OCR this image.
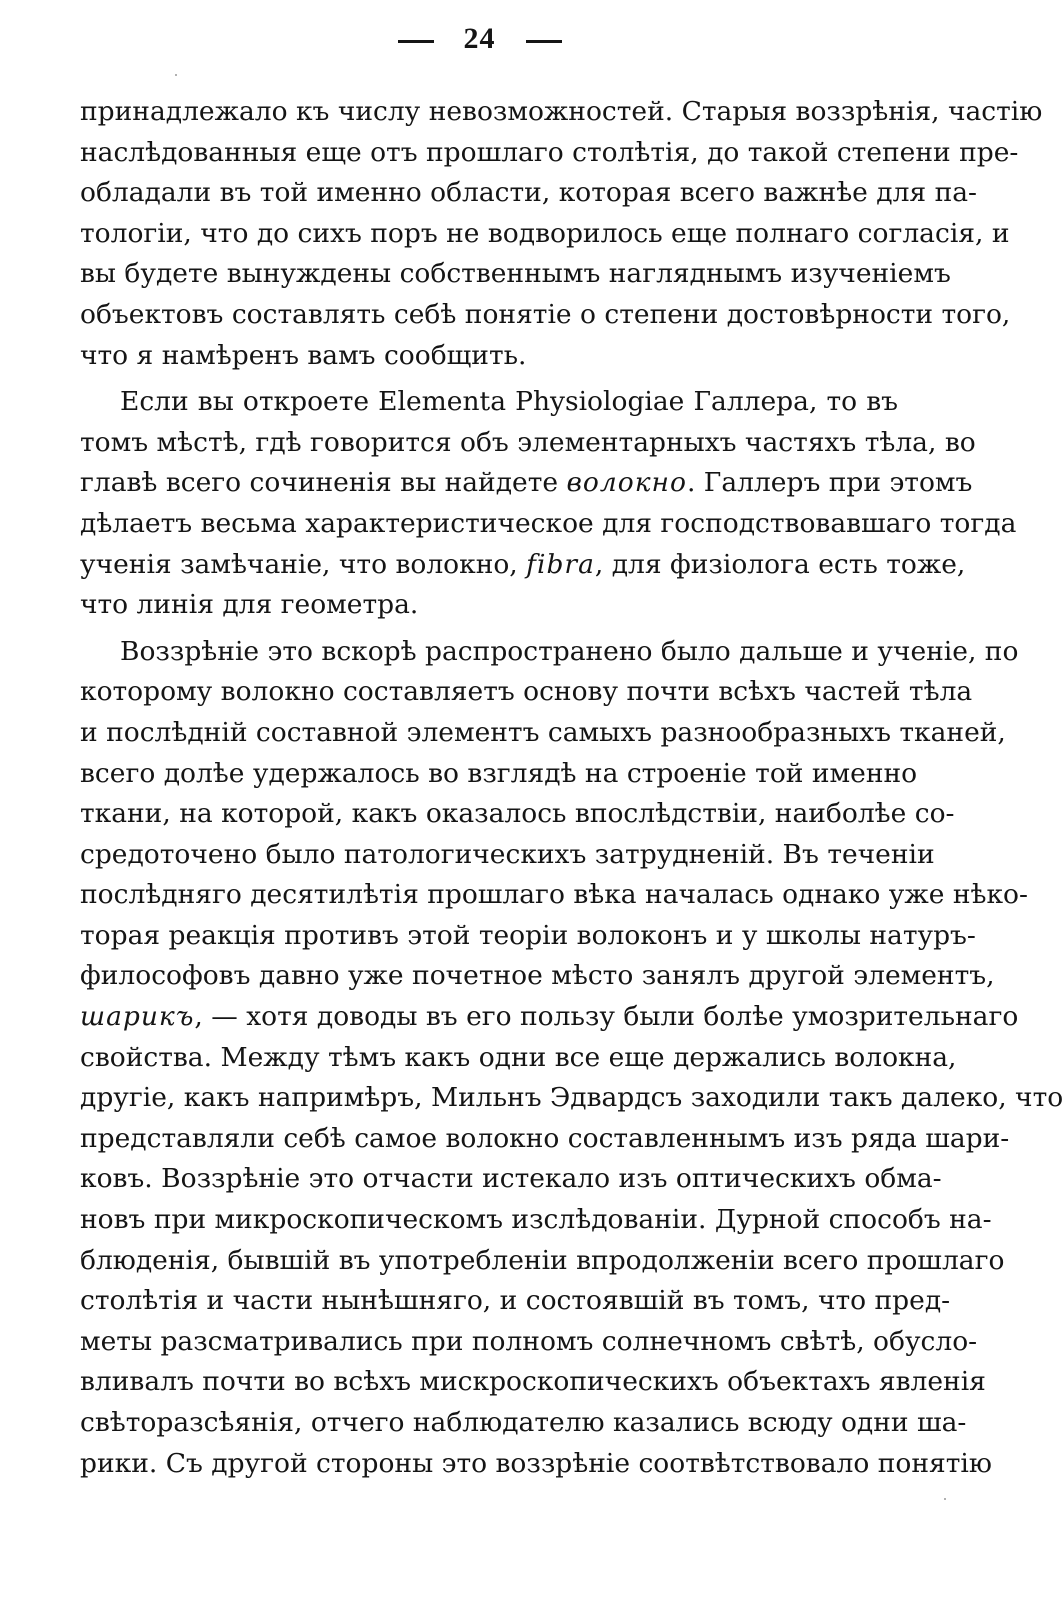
24
принадлежало къ числу невозможностей. Старыя воззрѣнія, частію
наслѣдованныя еще отъ прошлаго столѣтія, до такой степени пре-
обладали въ той именно области, которая всего важнѣе для па-
тологіи, что до сихъ поръ не водворилось еще полнаго согласія, и
вы будете вынуждены собственнымъ нагляднымъ изученіемъ
объектовъ составлять себѣ понятіе о степени достовѣрности того,
что я намѣренъ вамъ сообщить.
Если вы откроете Elementa Physiologiae Галлера, то въ
томъ мѣстѣ, гдѣ говорится объ элементарныхъ частяхъ тѣла, во
главѣ всего сочиненія вы найдете волокно. Галлеръ при этомъ
дѣлаетъ весьма характеристическое для господствовавшаго тогда
ученія замѣчаніе, что волокно, fibra, для физіолога есть тоже,
что линія для геометра.
Воззрѣніе это вскорѣ распространено было дальше и ученіе, по
которому волокно составляетъ основу почти всѣхъ частей тѣла
и послѣдній составной элементъ самыхъ разнообразныхъ тканей,
всего долѣе удержалось во взглядѣ на строеніе той именно
ткани, на которой, какъ оказалось впослѣдствіи, наиболѣе со-
средоточено было патологическихъ затрудненій. Въ теченіи
послѣдняго десятилѣтія прошлаго вѣка началась однако уже нѣко-
торая реакція противъ этой теоріи волоконъ и у школы натуръ-
философовъ давно уже почетное мѣсто занялъ другой элементъ,
шарикъ, — хотя доводы въ его пользу были болѣе умозрительнаго
свойства. Между тѣмъ какъ одни все еще держались волокна,
другіе, какъ напримѣръ, Мильнъ Эдвардсъ заходили такъ далеко, что
представляли себѣ самое волокно составленнымъ изъ ряда шари-
ковъ. Воззрѣніе это отчасти истекало изъ оптическихъ обма-
новъ при микроскопическомъ изслѣдованіи. Дурной способъ на-
блюденія, бывшій въ употребленіи впродолженіи всего прошлаго
столѣтія и части нынѣшняго, и состоявшій въ томъ, что пред-
меты разсматривались при полномъ солнечномъ свѣтѣ, обусло-
вливалъ почти во всѣхъ мискроскопическихъ объектахъ явленія
свѣторазсѣянія, отчего наблюдателю казались всюду одни ша-
рики. Съ другой стороны это воззрѣніе соотвѣтствовало понятію
